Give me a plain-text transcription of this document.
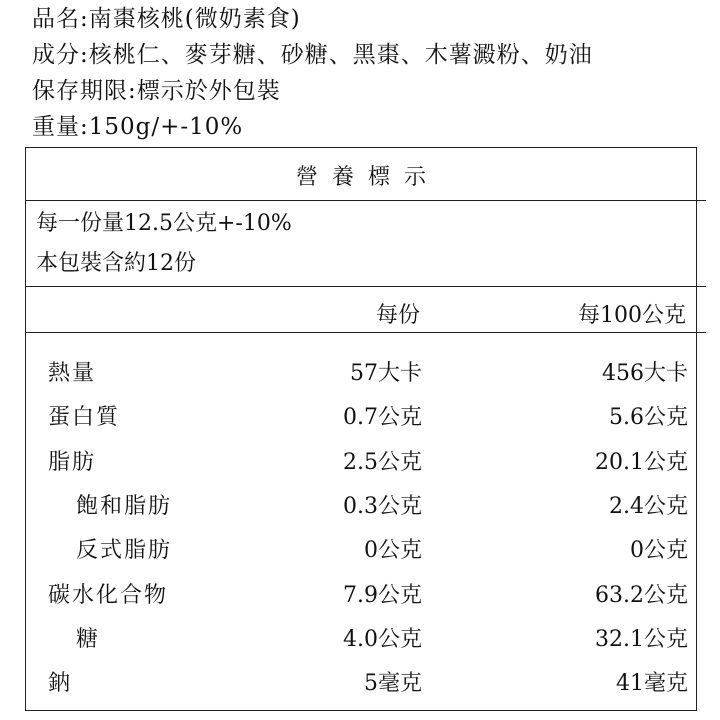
品名:南棗核桃(微奶素食)
成分:核桃仁、麥芽糖、砂糖、黑棗、木薯澱粉、奶油
保存期限:標示於外包裝
重量:150g/+-10%
營養標示
每一份量12.5公克+-10%
本包裝含約12份
每份	每100公克
熱量	57大卡	456大卡
蛋白質	0.7公克	5.6公克
脂肪	2.5公克	20.1公克
飽和脂肪	0.3公克	2.4公克
反式脂肪	0公克	0公克
碳水化合物	7.9公克	63.2公克
糖	4.0公克	32.1公克
鈉	5毫克	41毫克
